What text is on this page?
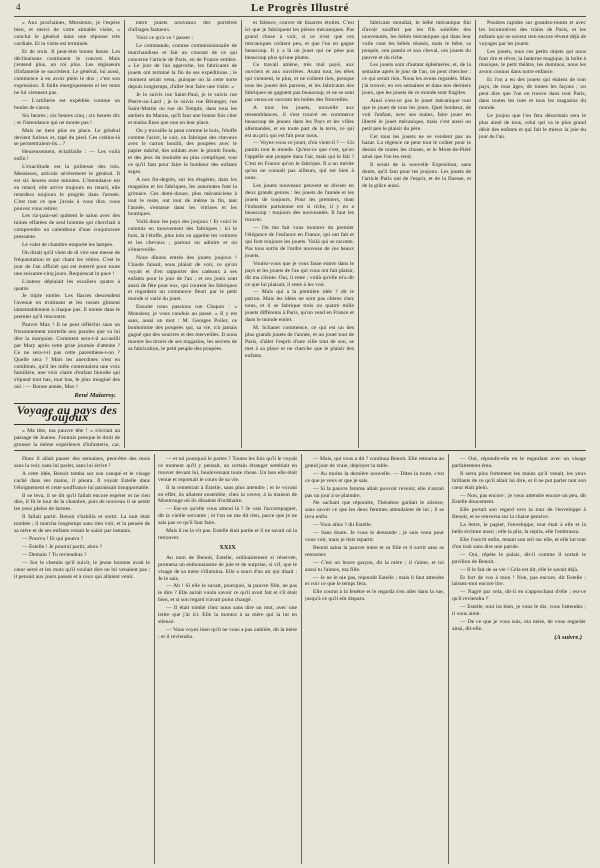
4	Le Progrès Illustré

« Aux prochaines, Messieurs, je l'espère bien, et merci de votre aimable visite, » conclut le général dans une réponse très cordiale. Et la visite est terminée.

Et de trois. Il peut-être bonne heure. Les déclinaisons continuent le concert. Mais j'entend plus, un roi plus. Les régisseurs d'infanterie se succèdent. Le général, lui aussi, commence à en avoir plein le dos ; c'est son expression. Il faille énergiquement et les mots ne lui viennent pas.

— L'artillerie est expédiée comme un boulet de canon.

Six heures ; six heures cinq ; six heures dix ; et l'intendance qui ne monte pas !

Mais ne tient plus en place. Le général devient furieux et, tapé du pied. Ces crétins-là se permettraient-ils... ?

Heureusement, éclaillaille : — Les voilà enfin !

L'exactitude est la politesse des rois. Messieurs, articule sévèrement le général. Il est six heures onze minutes. L'intendance est en retard, elle arrive toujours en retard, elle retardera toujours le progrès dans l'armée. C'est tout ce que j'avais à vous dire, vous pouvez vous retirer.

Les riz-pain-sel quittent le salon avec des mines effarées de seul homme qui cherchait à comprendre un calembour d'une conjoncture pressante.

Le valet de chambre emporte les lampes.

On dirait qu'il vient de di vire une messe de fréquentation et qui chant les vêtres. C'est le jour de l'an officiel qui est enterré pour toute une soixante-cinq jours. Requiescat in pace !

L'auteur déplaiait les escaliers quatre à quatre.

Je triple tombe. Les fiacres descendent l'avenue en trottinant et les rosses glissent lamentablement à chaque pas. Il monte dans le premier qu'il rencontre.

Pauvre Max ! Il ne peut réfléchir sans un frissonnement mortelle aux paroles que va lui dire la marquise. Comment sera-t-il accueilli par Mary après cette grise journée d'attente ? Ce ne sera-t-il pas cette parenthèse-t-on ? Quelle sera ? Mais les anecdotes s'est en combinés, qu'il les mêle contentaient une voix familière, une voix claire d'enfant blondie qui s'épand tout bas, tout bas, le plus imaginé des ouï : — Bonne année, Max !

René Maizeroy.
Voyage au pays des Joujoux

« Ma tête, ma pauvre tête ! » s'écriait au passage de Jeanne. J'entrais presque le droit de gronser la même expérience d'infanterie, car,

entre jouets nouveaux des portières d'alliages fastueux.

Voici ce qu'a vu ! passer :

Le commande, comme commissionnaire de marchandises et fait un courant de ce qui concerne l'article de Paris, en de France entière. « Le jour de l'an approche, les fabricants de jouets ont terminé la fin de ses expéditions ; le moment serait venu, puisque on la cette sorte depuis longtemps, d'aller leur faire une visite. »

Je le suivis rue Saint-Paul, je le suivis rue Pierre-au-Lard ; je le suivis rue Béranger, rue Saint-Martin ou rue du Temple, dans tous les ateliers du Marais, qu'il faut une bonne fois citer et mains fines que non en leur place.

On y travaille la peau comme le bois, l'étoffe comme l'acier, le cuir, on fabrique des chevaux avec le carton bouilli, des poupées avec le papier mâché, des soldats avec le plomb fondu, et des jeux du moindre au plus compliqué, tout ce qu'il faut pour faire le bonheur des enfants sages.

A nos fin-degrés, sur les étagères, dans les magasins et les fabriques, les automates font la grimace. Ces demi-douze, plus mécaniciens à tout le reste, ont tout de même la fin, tant l'année, s'entasse dans les vitrines et les boutiques.

Voilà donc les pays des joujoux ! Et voici le commis en mouvement des fabriques : ici le bois, là l'étoffe, plus loin on apprête les voitures et les chevaux ; partout on admire et on s'émerveille.

Nous dînons entrés des jouets joujoux ! Claude faisait, sous plaisir de voir, ce qu'on voyait et d'en rapporter des cadeaux à ses enfants pour le jour de l'an ; et ces jours sont aussi de fête pour eux, qui courent les fabriques et regardent un commerce fleuri par le petit monde si varié du jouet.

Ensuite nous passions rue Chapon : « Monsieur, je vous conduis au passe. » Il y est sans, aussi un mot : M. Georges Poiler, ce bonhomme des poupées qui, sa vie, n'a jamais gagné que des sourires et des merveilles. Il nous montre les tiroirs de ses magasins, les secrets de sa fabrication, le petit peuple des poupées.

et faïence, couvre de bizarres étoiles. C'est ici que je fabriquent les pièces mécaniques. Pas grand chose à voir, si ce n'est que ces mécaniques coûtent peu, et que l'on en gagne beaucoup. Il y a là un jouet qui ne pèse pas beaucoup plus qu'une plume.

Ce travail amène, très mal payé, aux ouvriers et aux ouvrières. Avant tout, les têtes qui viennent, le plus, et ne coûtent rien, presque tous les jouets des patrons, et les fabricants des fabriques ne gagnent pas beaucoup, et ne se sont pas venus en ouvrant les boîtes des Nouvelles.

A tous les jouets, nouvelle aux ressemblances, il s'est trouvé en commerce beaucoup de jeunes dans les Pays et les villes allemandes, et en toute part de la terre, ce qui est au prix qui est fait pour nous.

— Voyez-vous ce jouet, d'où vient-il ? — Un pantin tout le monde. Qu'est-ce que c'est, qu'on l'appelle une poupée dans l'air, mais qui le fait ? C'est en France qu'on le fabrique. Il a un mérite qu'on ne connaît pas ailleurs, qui est bien à nous.

Les jouets nouveaux peuvent se diviser en deux grands genres : les jouets de l'année et les jouets de toujours. Pour les premiers, dont l'industrie parisienne est si riche, il y en a beaucoup : toujours des nouveautés. Il faut les trouver.

— On me fait vous montrer du premier l'élégance de l'enfance en France, qui ont fait et qui font toujours les jouets. Voilà qui se raconte. Pas tous sortis de l'ordre nouveau de ces beaux jouets.

Voulez-vous que je vous fasse entrer dans le pays et les jouets de l'an qui vous ont fait plaisir, dit ma cliente. Oui, il reste ; voilà qu'elle m'a dit ce que lui plaisait, il reste à les voir.

— Mais qui a la première idée ? dit le patron. Mais les idées ne sont pas chères chez nous, et il se fabrique trois ou quatre mille jouets différents à Paris, qu'on vend en France et dans le monde entier.

M. Schaner commence, ce qui est un des plus grands jouets de l'année, et un jouet tout de Paris, d'aller l'esprit d'une ville tout de son, se met à sa place et ne cherche que le plaisir des enfants.

fabricant mondial, le bébé mécanique fini d'avoir souffert par les fils soleillés des nouveautés, les bébés mécaniques qui dans leur voile vont les bébés réussis, mais le bébé, sa poupée, son pantin et son cheval, ces jouets du pauvre et du riche.

Les jouets sont d'autant éphémères, et, de la semaine après le jour de l'an, on peut chercher : ce qui serait rien. Nous les avons regardés. Mais j'ai trouvé, en ces semaines et dans nos derniers jours, que les jouets de ce monde sont fragiles.

Ainsi n'est-ce pas le jouet mécanique tout que le jouet de tous les jours. Quel bonheur, de voir l'enfant, avec ses mains, faire jouer en liberté le jouet mécanique, mais c'est aussi un petit peu le plaisir du père.

Cet tous les jouets ne se vendent pas au bazar. La régence ne peut tout le coûter pour le dessin de toutes les choses, et le Mont-de-Piété ainsi que l'on les rend.

Il serait de la nouvelle Exposition, sans doute, qu'il faut pour les joujoux. Les jouets de l'article Paris ont de l'esprit, et de la finesse, et de la grâce aussi.

Poudres rapides sur grandes-routes et avec les locomotives des trains de Paris, et les enfants qui ne savent rien encore rêvent déjà de voyages par les jouets.

Les jouets, tous ces petits objets qui nous font rire et rêver, la lanterne magique, la boîte à musique, le petit théâtre, les dominos, nous les avons connus dans notre enfance.

Et l'on a eu des jouets qui étaient de tout pays, de tous âges, de toutes les façons ; on peut dire que l'on en trouve dans tout Paris, dans toutes les rues et tous les magasins du monde.

Le joujou que l'on fera désormais sera le plus aimé de tous, celui qui va le plus grand désir des enfants et qui fait le mieux la joie du jour de l'an.

Donc il allait passer des semaines, peut-être des mois sans la voir, sans lui parler, sans lui écrire !

A cette idée, Benoit tomba sur son canapé et le visage caché dans ses mains, il pleura. Il voyait Estelle dans l'éloignement et cette souffrance lui paraissait insupportable.

Il se leva, il se dit qu'il fallait encore espérer et ne rien dire, il fit le tour de la chambre, puis de nouveau il se sentit les yeux pleins de larmes.

Il fallait partir. Benoit s'habilla et sortit. La nuit était tombée ; il marcha longtemps sans rien voir, et la pensée de sa mère et de ses enfants venait le saisir par instants.

— Pourvu ! Et qui pourra ?

— Estelle ! Je pourrai partir, alors ?

— Demain ? Tu reviendras ?

— Sur le chemin qu'il suivit, le jeune homme avait le cœur serré et les mots qu'il voulait dire ne lui venaient pas ; il pensait aux jours passés et à ceux qui allaient venir.

— et toi pourquoi le partes ? Toutes les fois qu'il le voyait ce moment qu'il y pensait, un certain étranger semblait en trouver devant lui, bouleversant toute chose. Un bon elle était venue et reprenait le cours de sa vie.

Il la remettrait à Estelle, sans plus attendre ; et le voyant en effet, ils allaient ensemble, chez la veuve, à la maison de Montrouge où ils dînaient d'ordinaire.

— Est-ce qu'elle vous attend là ? Je vais l'accompagner, dit la vieille servante ; et l'on ne me dit rien, parce que je ne sais pas ce qu'il faut faire.

Mais il ne la vit pas. Estelle était partie et il ne savait où la retrouver.

XXIX

Au nom de Benoit, Estelle, ordinairement si réservée, promena un enthousiasme de joie et de surprise, si vif, que le visage de sa mère s'illumina. Elle a souri d'un air qui disait : Je le sais.

— Ah ! Si elle le savait, pourquoi, la pauvre fille, ne pas le dire ? Elle aurait voulu savoir ce qu'il avait fait et s'il était bien, et si son regard n'avait point changé.

— Il était tombé chez nous sans dire un mot, avec une lettre que j'ai ici. Elle la montra à sa mère qui la lut en silence.

— Vous voyez bien qu'il ne vous a pas oubliée, dit la mère ; et il reviendra.

— Mais, qui vous a dit ? continua Benoit. Elle retourna au grand jour de vraie, déployer la table.

— Au moins la dernière nouvelle. — Dites la toute, c'est ce que je veux et que je sais.

— Si la pauvre femme allait pouvoir revenir, elle n'aurait pas un jour à se plaindre.

Ne sachant que répondre, Théodore gardait le silence, sans savoir ce que les deux femmes attendaient de lui ; il se leva enfin.

— Vous allez ? dit Estelle.

— Sans doute. Je vous le demande ; je suis venu pour vous voir, mais je dois repartir.

Benoit salua la pauvre mère et sa fille et il sortit sans se retourner.

— C'est un brave garçon, dit la mère ; il t'aime, et toi aussi tu l'aimes, ma fille.

— Je ne le nie pas, répondit Estelle ; mais il faut attendre et voir ce que le temps fera.

Elle courut à la fenêtre et le regarda s'en aller dans la rue, jusqu'à ce qu'il eût disparu.

— Oui, répondit-elle en le regardant avec un visage parfaitement ému.

Il serra plus fortement les mains qu'il venait, les yeux brillants de ce qu'il allait lui dire, et il ne put parler tant son cœur était plein.

— Non, pas encore ; je veux attendre encore un peu, dit Estelle doucement.

Elle portait son regard vers la tour de l'enveloppe à Benoit, et se renversa sur la chaise pensive.

La lettre, le papier, l'enveloppe, tout était à elle et la belle écriture aussi ; elle la plia, la replia, elle l'embrassa.

Elle l'ouvrit enfin, tenant son œil sur elle, et elle lut tout d'un trait sans dire une parole.

— Oui, répète le palais, dit-il comme il sortait le pavillon de Benoit.

— Il le fait de sa vie ! Cela est dit, elle le savait déjà.

Et fort de vos à mon ! Non, pas encore, dit Estelle ; laissez-moi encore lire.

— Nagrè par cela, dit-il en s'approchant d'elle ; est-ce qu'il reviendra ?

— Estelle, tout ira bien, je vous le dis, vous l'attendez ; il vous aime.

— De ce que je vous suis, ma mère, de vous regarder ainsi, dit-elle.

(A suivre.)
